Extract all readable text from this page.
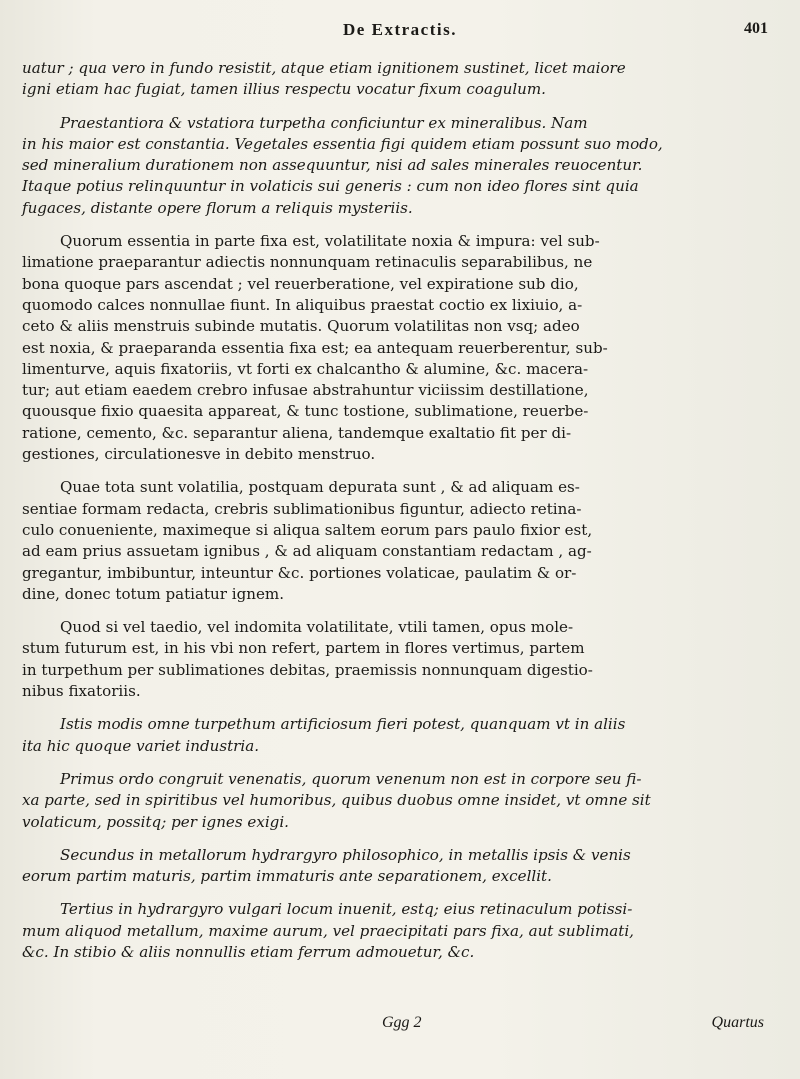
De Extractis.	401
uatur ; qua vero in fundo resistit, atque etiam ignitionem sustinet, licet maiore
igni etiam hac fugiat, tamen illius respectu vocatur fixum coagulum.
Praestantiora & vstatiora turpetha conficiuntur ex mineralibus. Nam
in his maior est constantia. Vegetales essentia figi quidem etiam possunt suo modo,
sed mineralium durationem non assequuntur, nisi ad sales minerales reuocentur.
Itaque potius relinquuntur in volaticis sui generis : cum non ideo flores sint quia
fugaces, distante opere florum a reliquis mysteriis.
Quorum essentia in parte fixa est, volatilitate noxia & impura: vel sub-
limatione praeparantur adiectis nonnunquam retinaculis separabilibus, ne
bona quoque pars ascendat ; vel reuerberatione, vel expiratione sub dio,
quomodo calces nonnullae fiunt. In aliquibus praestat coctio ex lixiuio, a-
ceto & aliis menstruis subinde mutatis. Quorum volatilitas non vsq; adeo
est noxia, & praeparanda essentia fixa est; ea antequam reuerberentur, sub-
limenturve, aquis fixatoriis, vt forti ex chalcantho & alumine, &c. macera-
tur; aut etiam eaedem crebro infusae abstrahuntur viciissim destillatione,
quousque fixio quaesita appareat, & tunc tostione, sublimatione, reuerbe-
ratione, cemento, &c. separantur aliena, tandemque exaltatio fit per di-
gestiones, circulationesve in debito menstruo.
Quae tota sunt volatilia, postquam depurata sunt , & ad aliquam es-
sentiae formam redacta, crebris sublimationibus figuntur, adiecto retina-
culo conueniente, maximeque si aliqua saltem eorum pars paulo fixior est,
ad eam prius assuetam ignibus , & ad aliquam constantiam redactam , ag-
gregantur, imbibuntur, inteuntur &c. portiones volaticae, paulatim & or-
dine, donec totum patiatur ignem.
Quod si vel taedio, vel indomita volatilitate, vtili tamen, opus mole-
stum futurum est, in his vbi non refert, partem in flores vertimus, partem
in turpethum per sublimationes debitas, praemissis nonnunquam digestio-
nibus fixatoriis.
Istis modis omne turpethum artificiosum fieri potest, quanquam vt in aliis
ita hic quoque variet industria.
Primus ordo congruit venenatis, quorum venenum non est in corpore seu fi-
xa parte, sed in spiritibus vel humoribus, quibus duobus omne insidet, vt omne sit
volaticum, possitq; per ignes exigi.
Secundus in metallorum hydrargyro philosophico, in metallis ipsis & venis
eorum partim maturis, partim immaturis ante separationem, excellit.
Tertius in hydrargyro vulgari locum inuenit, estq; eius retinaculum potissi-
mum aliquod metallum, maxime aurum, vel praecipitati pars fixa, aut sublimati,
&c. In stibio & aliis nonnullis etiam ferrum admouetur, &c.
Ggg 2	Quartus
